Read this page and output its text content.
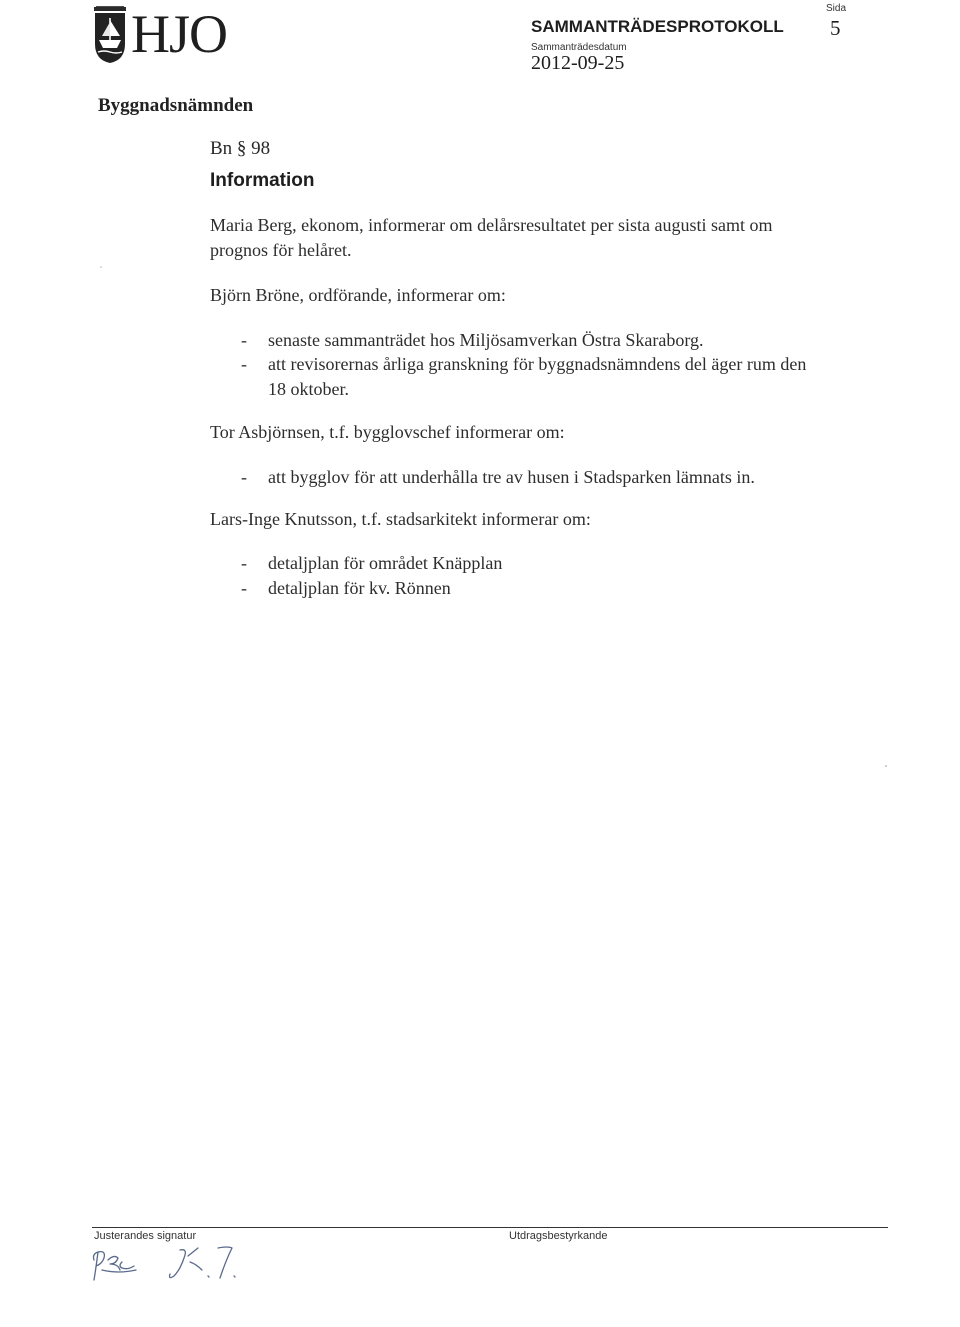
HJO	SAMMANTRÄDESPROTOKOLL
Sammanträdesdatum
2012-09-25
Sida
5
Byggnadsnämnden
Bn § 98
Information
Maria Berg, ekonom, informerar om delårsresultatet per sista augusti samt om
prognos för helåret.
Björn Bröne, ordförande, informerar om:
- senaste sammanträdet hos Miljösamverkan Östra Skaraborg.
- att revisorernas årliga granskning för byggnadsnämndens del äger rum den
18 oktober.
Tor Asbjörnsen, t.f. bygglovschef informerar om:
- att bygglov för att underhålla tre av husen i Stadsparken lämnats in.
Lars-Inge Knutsson, t.f. stadsarkitekt informerar om:
- detaljplan för området Knäpplan
- detaljplan för kv. Rönnen
Justerandes signatur	Utdragsbestyrkande
